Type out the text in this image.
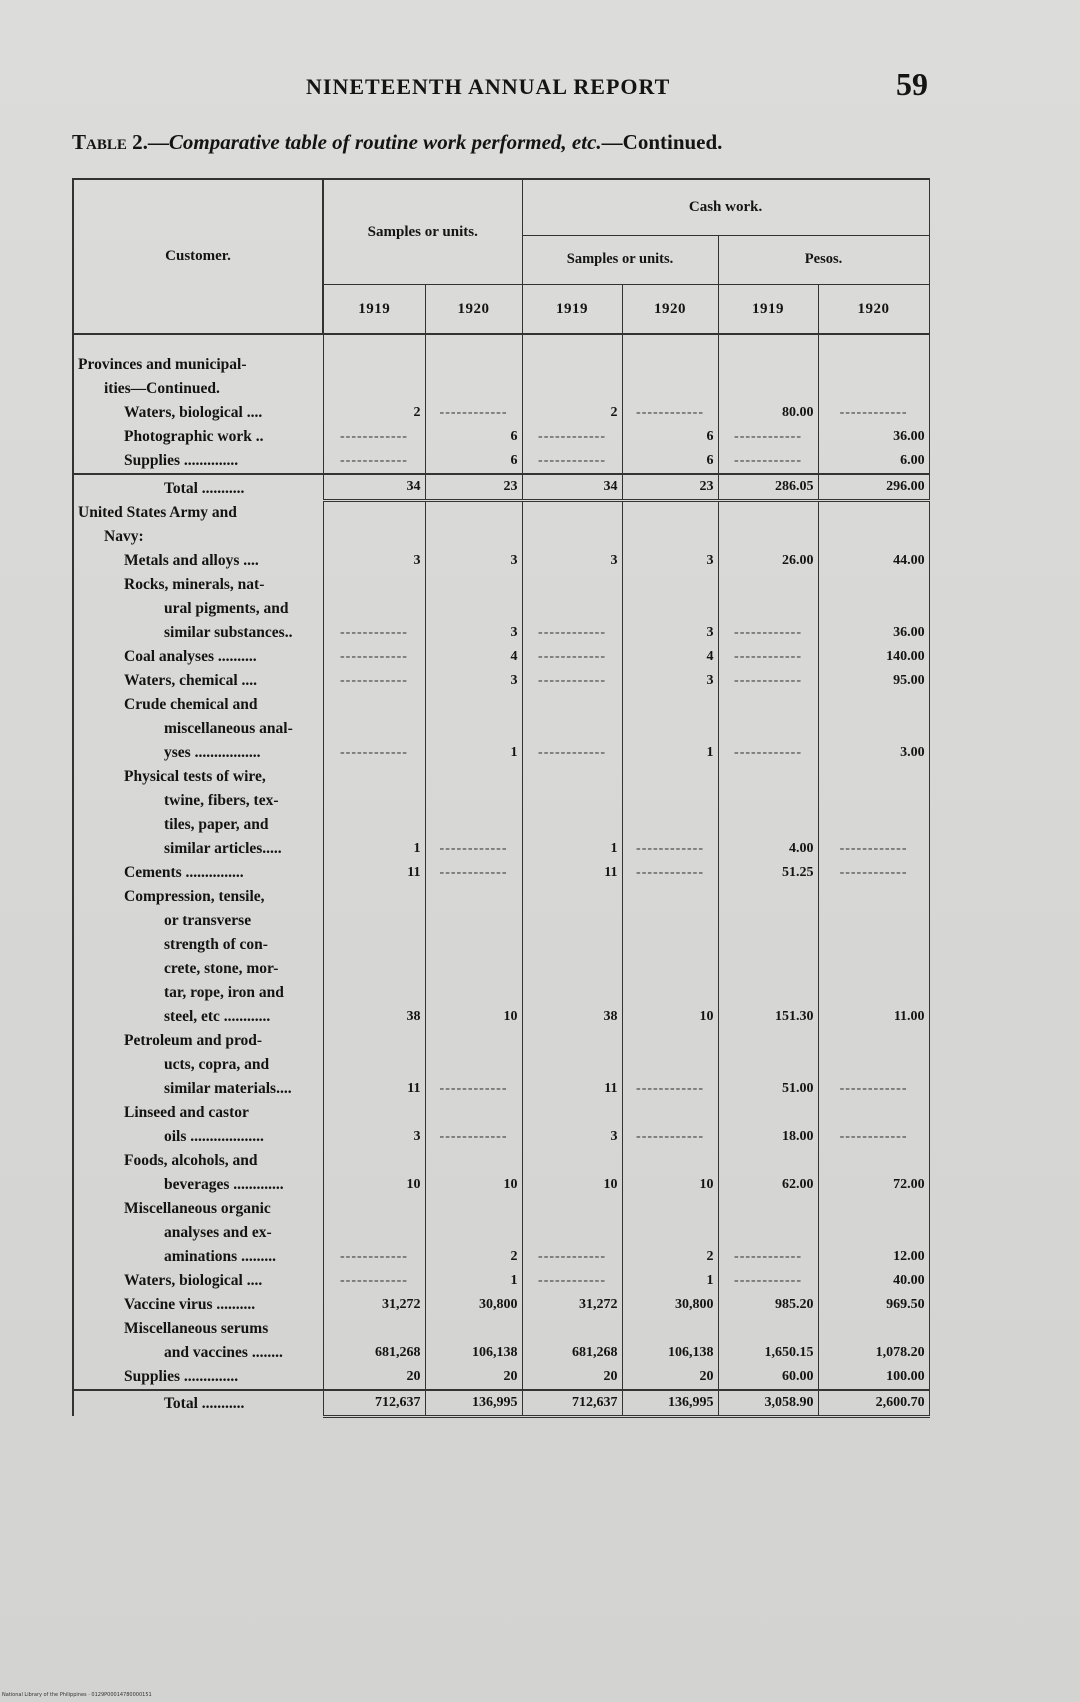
NINETEENTH ANNUAL REPORT	59
Table 2.—Comparative table of routine work performed, etc.—Continued.
Customer.	Samples or units.		Cash work.			
			Samples or units.		Pesos.	
	1919	1920	1919	1920	1919	1920
Provinces and municipal-						
ities—Continued.						
Waters, biological ....	2	------------	2	------------	80.00	------------
Photographic work ..	------------	6	------------	6	------------	36.00
Supplies ..............	------------	6	------------	6	------------	6.00
Total ...........	34	23	34	23	286.05	296.00
United States Army and						
Navy:						
Metals and alloys ....	3	3	3	3	26.00	44.00
Rocks, minerals, nat-						
ural pigments, and						
similar substances..	------------	3	------------	3	------------	36.00
Coal analyses ..........	------------	4	------------	4	------------	140.00
Waters, chemical ....	------------	3	------------	3	------------	95.00
Crude chemical and						
miscellaneous anal-						
yses .................	------------	1	------------	1	------------	3.00
Physical tests of wire,						
twine, fibers, tex-						
tiles, paper, and						
similar articles.....	1	------------	1	------------	4.00	------------
Cements ...............	11	------------	11	------------	51.25	------------
Compression, tensile,						
or transverse						
strength of con-						
crete, stone, mor-						
tar, rope, iron and						
steel, etc ............	38	10	38	10	151.30	11.00
Petroleum and prod-						
ucts, copra, and						
similar materials....	11	------------	11	------------	51.00	------------
Linseed and castor						
oils ...................	3	------------	3	------------	18.00	------------
Foods, alcohols, and						
beverages .............	10	10	10	10	62.00	72.00
Miscellaneous organic						
analyses and ex-						
aminations .........	------------	2	------------	2	------------	12.00
Waters, biological ....	------------	1	------------	1	------------	40.00
Vaccine virus ..........	31,272	30,800	31,272	30,800	985.20	969.50
Miscellaneous serums						
and vaccines ........	681,268	106,138	681,268	106,138	1,650.15	1,078.20
Supplies ..............	20	20	20	20	60.00	100.00
Total ...........	712,637	136,995	712,637	136,995	3,058.90	2,600.70
National Library of the Philippines · 0129P00014780000151
